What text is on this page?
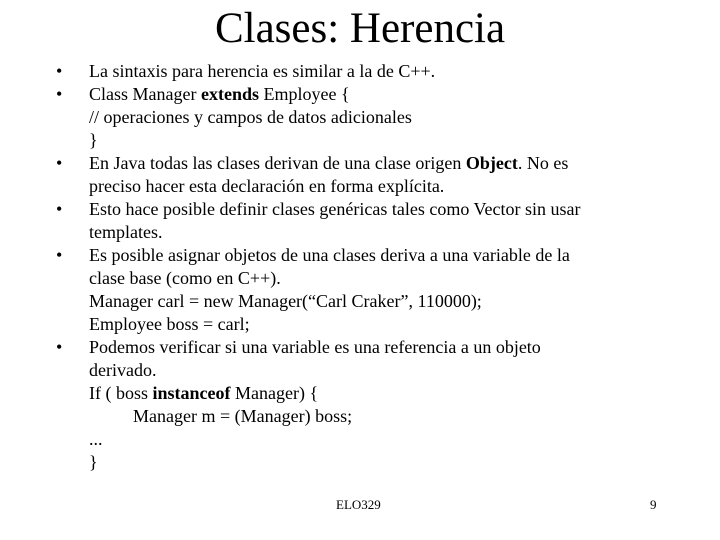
Clases: Herencia
•	La sintaxis para herencia es similar a la de C++.
•	Class Manager extends Employee {
// operaciones y campos de datos adicionales
}
•	En Java todas las clases derivan de una clase origen Object. No es
preciso hacer esta declaración en forma explícita.
•	Esto hace posible definir clases genéricas tales como Vector sin usar
templates.
•	Es posible asignar objetos de una clases deriva a una variable de la
clase base (como en C++).
Manager carl = new Manager(“Carl Craker”, 110000);
Employee boss = carl;
•	Podemos verificar si una variable es una referencia a un objeto
derivado.
If ( boss instanceof Manager) {
Manager m = (Manager) boss;
...
}
ELO329	9
